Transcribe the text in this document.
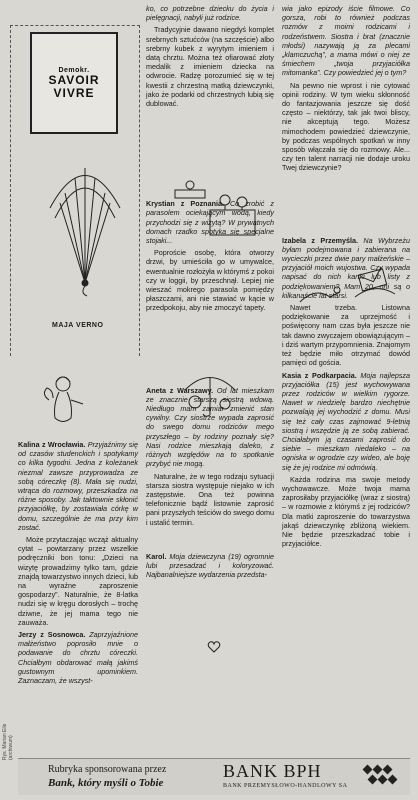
Demokr.
SAVOIR
VIVRE
MAJA VERNO

Kalina z Wrocławia. Przyjaźnimy się od czasów studenckich i spotykamy co kilka tygodni. Jedna z koleżanek niezmal zawsze przyprowadza ze sobą córeczkę (8). Mała się nudzi, wtrąca do rozmowy, przeszkadza na różne sposoby. Jak taktownie skłonić przyjaciółkę, by zostawiała córkę w domu, szczególnie że ma przy kim zostać.

Może przytaczając wcząż aktualny cytat – powtarzany przez wszelkie podręczniki bon tonu: „Dzieci na wizytę prowadzimy tylko tam, gdzie znajdą towarzystwo innych dzieci, lub na wyraźne zaproszenie gospodarzy”. Naturalnie, że 8-latka nudzi się w kręgu dorosłych – trochę dziwne, że jej mama tego nie zauważa.

Jerzy z Sosnowca. Zaprzyjaźnione małżeństwo poprosiło mnie o podawanie do chrztu córeczki. Chciałbym obdarować małą jakimś gustownym upominkiem. Zaznaczam, że wszyst-

ko, co potrzebne dziecku do życia i pielęgnacji, nabyli już rodzice.

Tradycyjnie dawano niegdyś komplet srebrnych sztućców (na szczęście) albo srebrny kubek z wyrytym imieniem i datą chrztu. Można też ofiarować złoty medalik z imieniem dziecka na odwrocie. Radzę porozumieć się w tej kwestii z chrzestną matką dziewczynki, jako że podarki od chrzestnych lubią się dublować.

Krystian z Poznania. Co zrobić z parasolem ociekającym wodą, kiedy przychodzi się z wizytą? W prywatnych domach rzadko spotyka się specjalne stojaki...

Poproście osobę, która otworzy drzwi, by umieściła go w umywalce, ewentualnie rozłożyła w którymś z pokoi czy w loggii, by przeschnął. Lepiej nie wieszać mokrego parasola pomiędzy płaszczami, ani nie stawiać w kącie w przedpokoju, aby nie zmoczyć tapety.

Aneta z Warszawy. Od lat mieszkam ze znacznie starszą siostrą wdową. Niedługo mam zamiar zmienić stan cywilny. Czy siostrze wypada zaprosić do swego domu rodziców mego przyszłego – by rodziny poznały się? Nasi rodzice mieszkają daleko, z różnych względów na to spotkanie przybyć nie mogą.

Naturalne, że w tego rodzaju sytuacji starsza siostra występuje niejako w ich zastępstwie. Ona też powinna telefonicznie bądź listownie zaprosić pani przyszłych teściów do swego domu i ustalić termin.

Karol. Moja dziewczyna (19) ogromnie lubi przesadzać i koloryzować. Najbanalniejsze wydarzenia przedsta-

wia jako epizody iście filmowe. Co gorsza, robi to również podczas rozmów z moimi rodzicami i rodzeństwem. Siostra i brat (znacznie młodsi) nazywają ją za plecami „klamczuchą”, a mama mówi o niej ze śmiechem „twoja przyjaciółka mitomanka”. Czy powiedzieć jej o tym?

Na pewno nie wprost i nie cytować opinii rodziny. W tym wieku skłonność do fantazjowania jeszcze się dość często – niektórzy, tak jak twoi bliscy, nie akceptują tego. Możesz mimochodem powiedzieć dziewczynie, by podczas wspólnych spotkań w inny sposób włączała się do rozmowy. Ale... czy ten talent narracji nie dodaje uroku Twej dziewczynie?

Izabela z Przemyśla. Na Wybrzeżu byłam podejmowana i zabierana na wycieczki przez dwie pary małżeńskie – przyjaciół moich wujostwa. Czy wypada napisać do nich kartki lub listy z podziękowaniem? Mam 20, oni są o kilkanaście lat starsi.

Nawet trzeba. Listowna podziękowanie za uprzejmość i poświęcony nam czas była jeszcze nie tak dawno zwyczajem obowiązującym – i dziś wartym przypomnienia. Znajomym też będzie miło otrzymać dowód pamięci od gościa.

Kasia z Podkarpacia. Moja najlepsza przyjaciółka (15) jest wychowywana przez rodziców w wielkim rygorze. Nawet w niedzielę bardzo niechętnie pozwalają jej wychodzić z domu. Musi się też cały czas zajmować 9-letnią siostrą i wszędzie ją ze sobą zabierać. Chciałabym ją czasami zaprosić do siebie – mieszkam niedaleko – na ogniska w ogrodzie czy wideo, ale boję się że jej rodzice mi odmówią.

Każda rodzina ma swoje metody wychowawcze. Może twoja mama zaprosiłaby przyjaciółkę (wraz z siostrą) – w rozmowie z którymś z jej rodziców? Dla matki zaproszenie do towarzystwa jakąś dziewczynkę zbliżoną wiekiem. Nie będzie przeszkadzać tobie i przyjaciółce.

Rys. Marian Eile (archiwum)
Rubryka sponsorowana przez
Bank, który myśli o Tobie
BANK BPH
BANK PRZEMYSŁOWO-HANDLOWY SA
